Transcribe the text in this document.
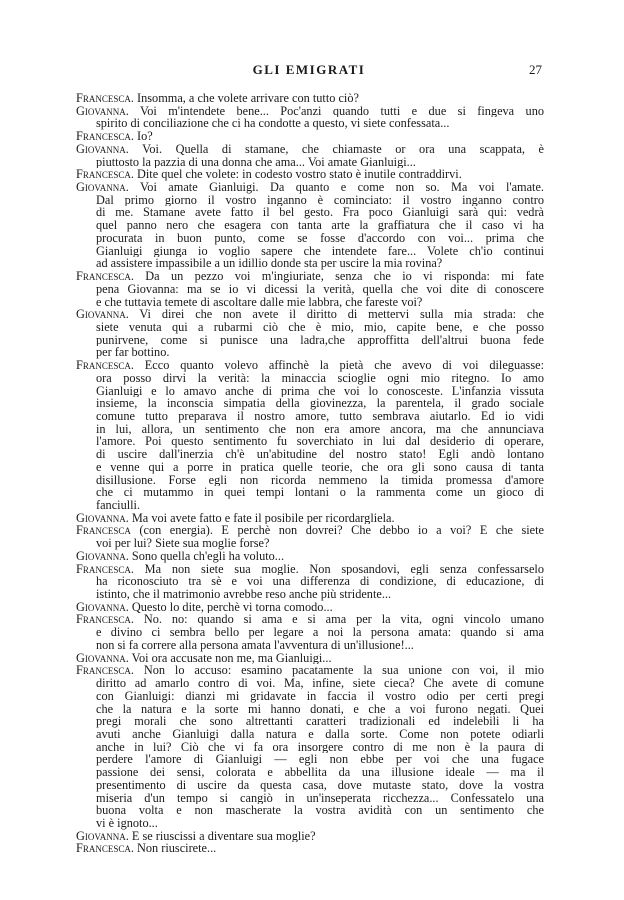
GLI EMIGRATI	27
Francesca. Insomma, a che volete arrivare con tutto ciò?
Giovanna. Voi m'intendete bene... Poc'anzi quando tutti e due si fingeva uno
spirito di conciliazione che ci ha condotte a questo, vi siete confessata...
Francesca. Io?
Giovanna. Voi. Quella di stamane, che chiamaste or ora una scappata, è
piuttosto la pazzia di una donna che ama... Voi amate Gianluigi...
Francesca. Dite quel che volete: in codesto vostro stato è inutile contraddirvi.
Giovanna. Voi amate Gianluigi. Da quanto e come non so. Ma voi l'amate.
Dal primo giorno il vostro inganno è cominciato: il vostro inganno contro
di me. Stamane avete fatto il bel gesto. Fra poco Gianluigi sarà qui: vedrà
quel panno nero che esagera con tanta arte la graffiatura che il caso vi ha
procurata in buon punto, come se fosse d'accordo con voi... prima che
Gianluigi giunga io voglio sapere che intendete fare... Volete ch'io continui
ad assistere impassibile a un idillio donde sta per uscire la mia rovina?
Francesca. Da un pezzo voi m'ingiuriate, senza che io vi risponda: mi fate
pena Giovanna: ma se io vi dicessi la verità, quella che voi dite di conoscere
e che tuttavia temete di ascoltare dalle mie labbra, che fareste voi?
Giovanna. Vi direi che non avete il diritto di mettervi sulla mia strada: che
siete venuta qui a rubarmi ciò che è mio, mio, capite bene, e che posso
punirvene, come si punisce una ladra,che approffitta dell'altrui buona fede
per far bottino.
Francesca. Ecco quanto volevo affinchè la pietà che avevo di voi dileguasse:
ora posso dirvi la verità: la minaccia scioglie ogni mio ritegno. Io amo
Gianluigi e lo amavo anche di prima che voi lo conosceste. L'infanzia vissuta
insieme, la inconscia simpatia della giovinezza, la parentela, il grado sociale
comune tutto preparava il nostro amore, tutto sembrava aiutarlo. Ed io vidi
in lui, allora, un sentimento che non era amore ancora, ma che annunciava
l'amore. Poi questo sentimento fu soverchiato in lui dal desiderio di operare,
di uscire dall'inerzia ch'è un'abitudine del nostro stato! Egli andò lontano
e venne qui a porre in pratica quelle teorie, che ora gli sono causa di tanta
disillusione. Forse egli non ricorda nemmeno la timida promessa d'amore
che ci mutammo in quei tempi lontani o la rammenta come un gioco di
fanciulli.
Giovanna. Ma voi avete fatto e fate il posibile per ricordargliela.
Francesca (con energia). E perchè non dovrei? Che debbo io a voi? E che siete
voi per lui? Siete sua moglie forse?
Giovanna. Sono quella ch'egli ha voluto...
Francesca. Ma non siete sua moglie. Non sposandovi, egli senza confessarselo
ha riconosciuto tra sè e voi una differenza di condizione, di educazione, di
istinto, che il matrimonio avrebbe reso anche più stridente...
Giovanna. Questo lo dite, perchè vi torna comodo...
Francesca. No. no: quando si ama e si ama per la vita, ogni vincolo umano
e divino ci sembra bello per legare a noi la persona amata: quando si ama
non si fa correre alla persona amata l'avventura di un'illusione!...
Giovanna. Voi ora accusate non me, ma Gianluigi...
Francesca. Non lo accuso: esamino pacatamente la sua unione con voi, il mio
diritto ad amarlo contro di voi. Ma, infine, siete cieca? Che avete di comune
con Gianluigi: dianzi mi gridavate in faccia il vostro odio per certi pregi
che la natura e la sorte mi hanno donati, e che a voi furono negati. Quei
pregi morali che sono altrettanti caratteri tradizionali ed indelebili li ha
avuti anche Gianluigi dalla natura e dalla sorte. Come non potete odiarli
anche in lui? Ciò che vi fa ora insorgere contro di me non è la paura di
perdere l'amore di Gianluigi — egli non ebbe per voi che una fugace
passione dei sensi, colorata e abbellita da una illusione ideale — ma il
presentimento di uscire da questa casa, dove mutaste stato, dove la vostra
miseria d'un tempo si cangiò in un'inseperata ricchezza... Confessatelo una
buona volta e non mascherate la vostra avidità con un sentimento che
vi è ignoto...
Giovanna. E se riuscissi a diventare sua moglie?
Francesca. Non riuscirete...
